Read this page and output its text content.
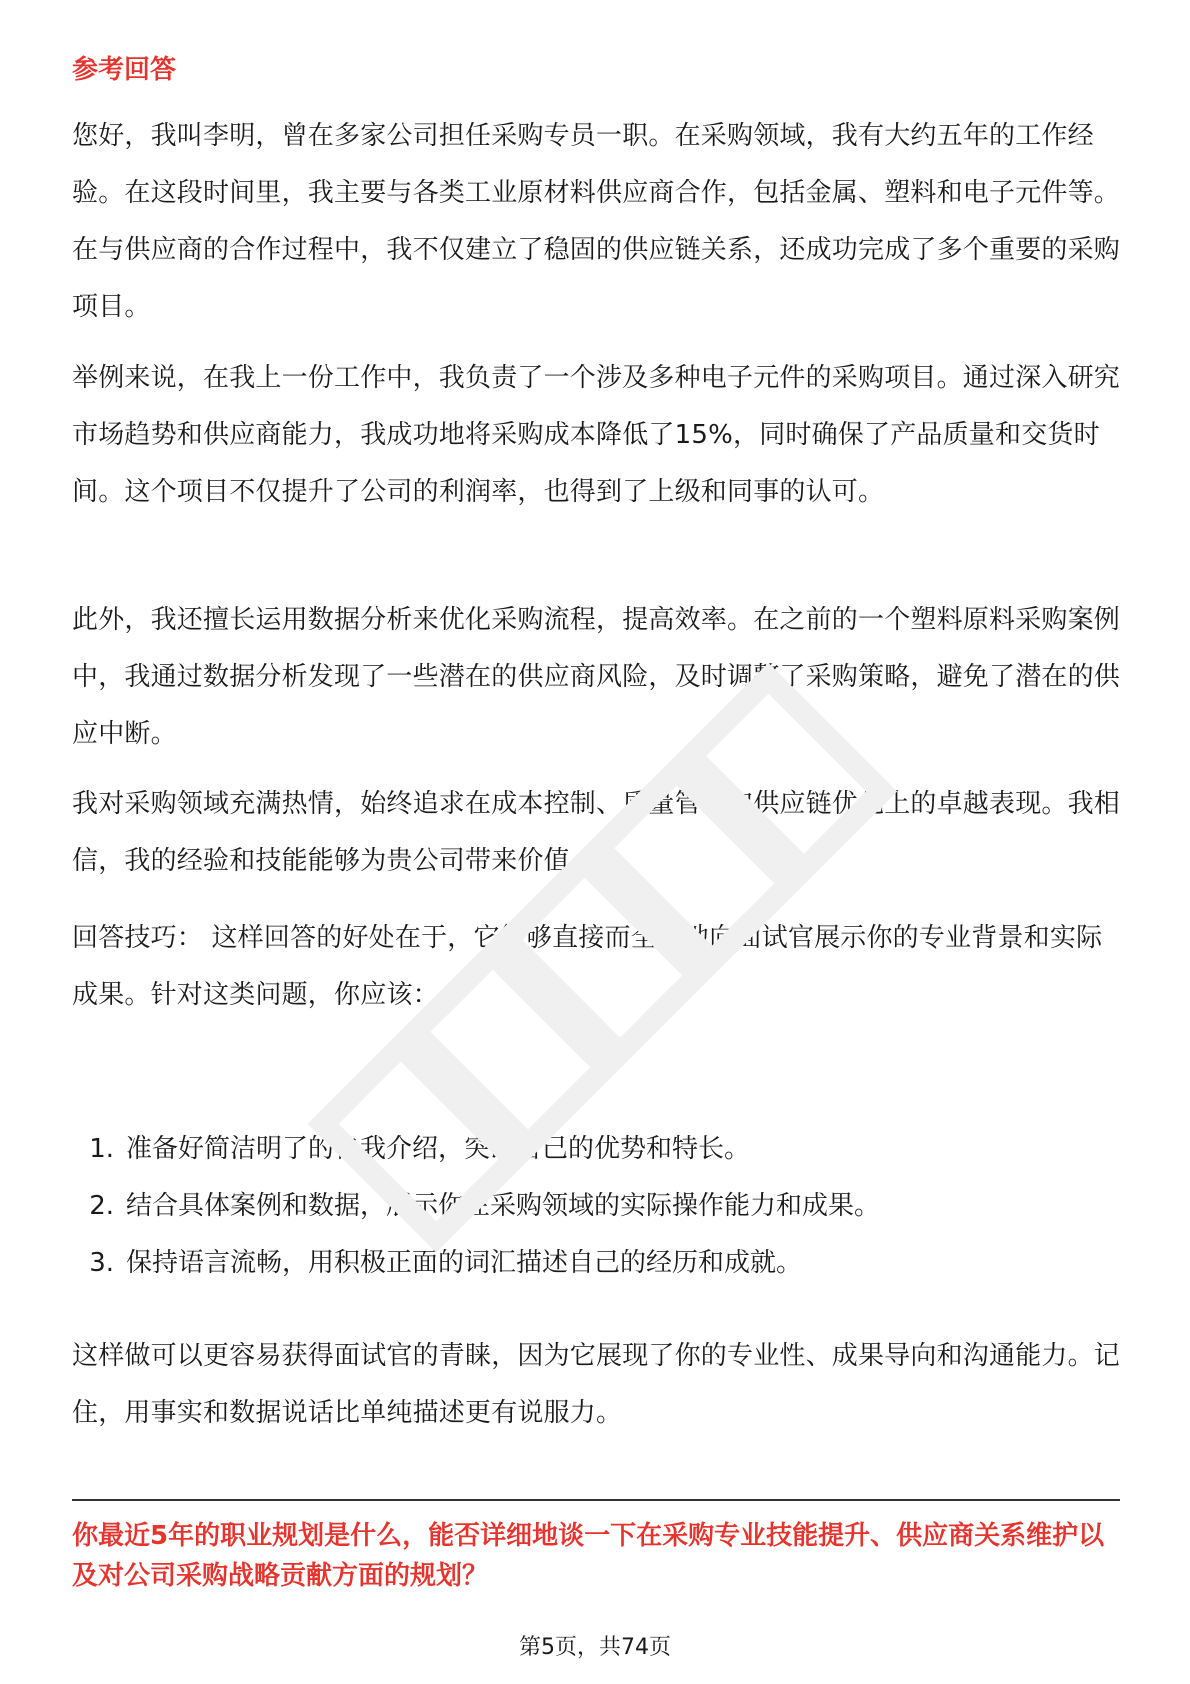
参考回答

您好，我叫李明，曾在多家公司担任采购专员一职。在采购领域，我有大约五年的工作经验。在这段时间里，我主要与各类工业原材料供应商合作，包括金属、塑料和电子元件等。在与供应商的合作过程中，我不仅建立了稳固的供应链关系，还成功完成了多个重要的采购项目。

举例来说，在我上一份工作中，我负责了一个涉及多种电子元件的采购项目。通过深入研究市场趋势和供应商能力，我成功地将采购成本降低了15%，同时确保了产品质量和交货时间。这个项目不仅提升了公司的利润率，也得到了上级和同事的认可。

此外，我还擅长运用数据分析来优化采购流程，提高效率。在之前的一个塑料原料采购案例中，我通过数据分析发现了一些潜在的供应商风险，及时调整了采购策略，避免了潜在的供应中断。

我对采购领域充满热情，始终追求在成本控制、质量管理和供应链优化上的卓越表现。我相信，我的经验和技能能够为贵公司带来价值。

回答技巧： 这样回答的好处在于，它能够直接而全面地向面试官展示你的专业背景和实际成果。针对这类问题，你应该：

1. 准备好简洁明了的自我介绍，突出自己的优势和特长。
2. 结合具体案例和数据，展示你在采购领域的实际操作能力和成果。
3. 保持语言流畅，用积极正面的词汇描述自己的经历和成就。

这样做可以更容易获得面试官的青睐，因为它展现了你的专业性、成果导向和沟通能力。记住，用事实和数据说话比单纯描述更有说服力。

你最近5年的职业规划是什么，能否详细地谈一下在采购专业技能提升、供应商关系维护以及对公司采购战略贡献方面的规划？

第5页，共74页
